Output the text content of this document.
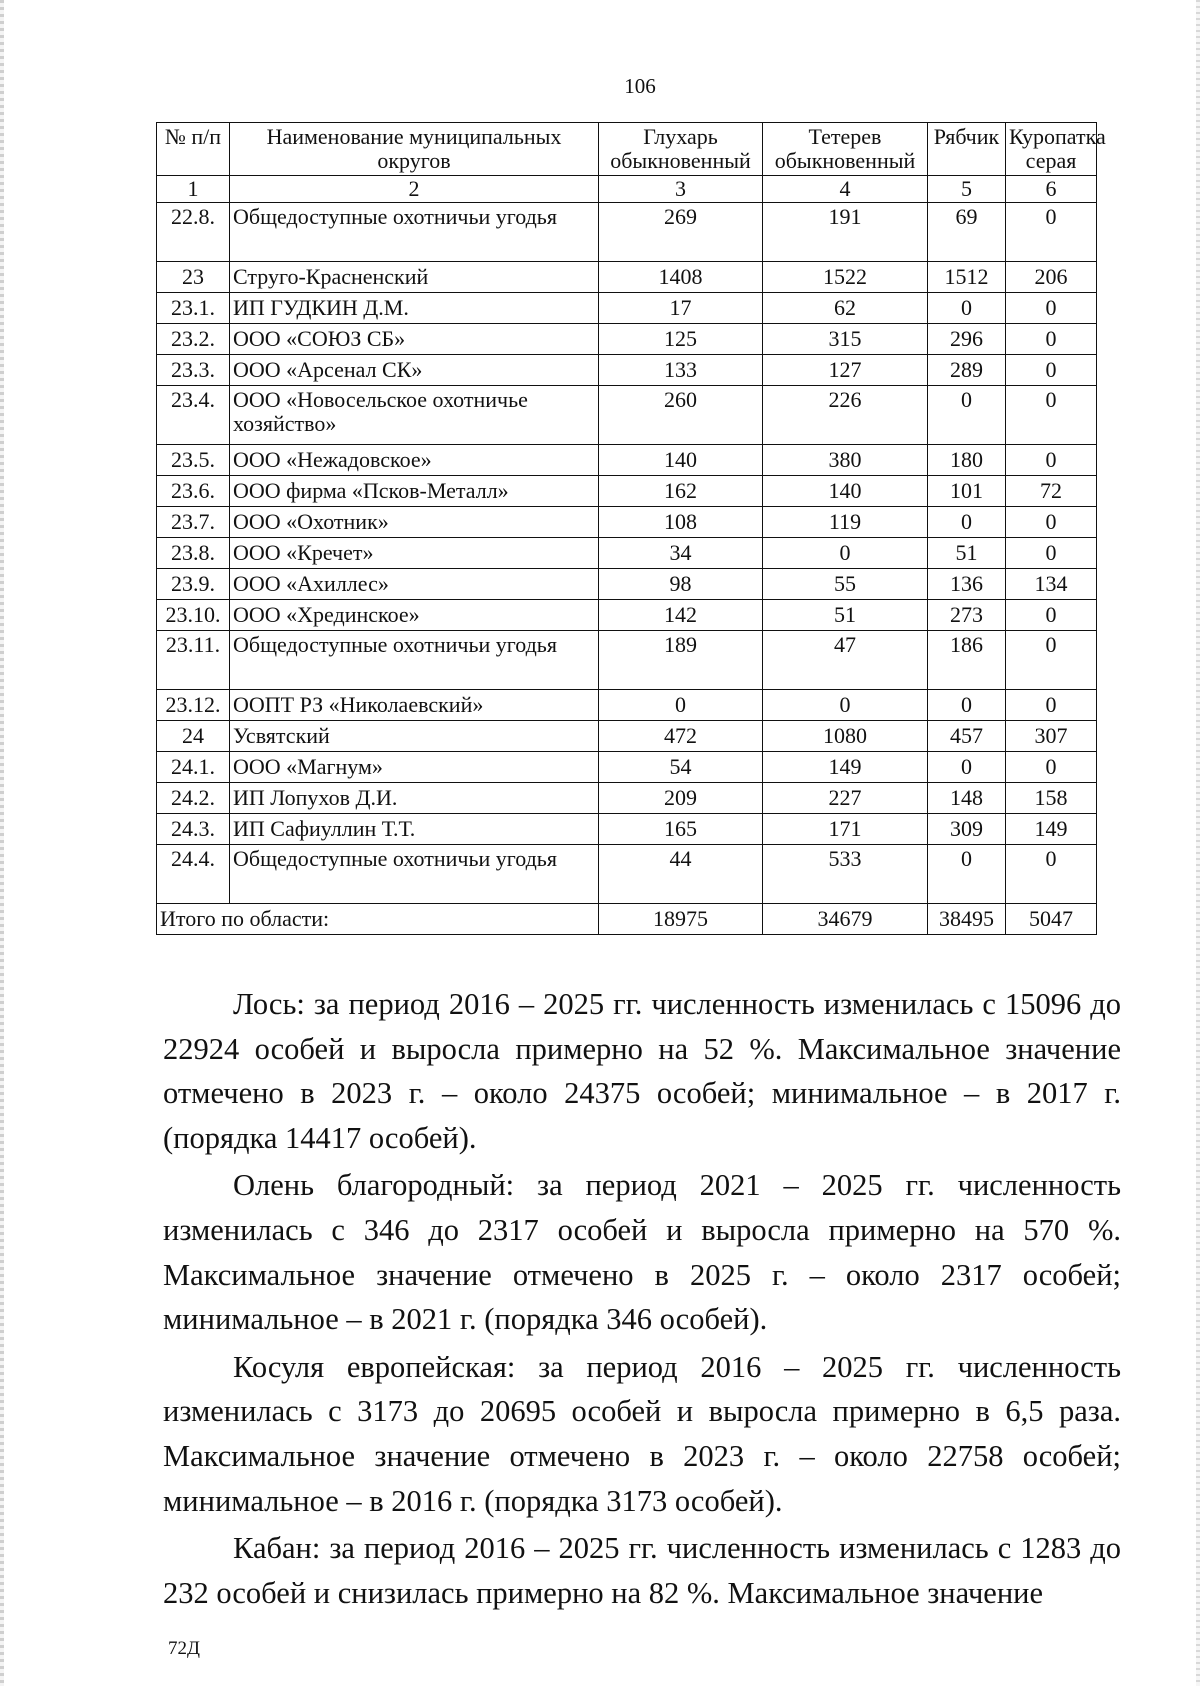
106
№ п/п	Наименование муниципальных округов	Глухарь обыкновенный	Тетерев обыкновенный	Рябчик	Куропатка серая
1	2	3	4	5	6
22.8.	Общедоступные охотничьи угодья	269	191	69	0
23	Струго-Красненский	1408	1522	1512	206
23.1.	ИП ГУДКИН Д.М.	17	62	0	0
23.2.	ООО «СОЮЗ СБ»	125	315	296	0
23.3.	ООО «Арсенал СК»	133	127	289	0
23.4.	ООО «Новосельское охотничье хозяйство»	260	226	0	0
23.5.	ООО «Нежадовское»	140	380	180	0
23.6.	ООО фирма «Псков-Металл»	162	140	101	72
23.7.	ООО «Охотник»	108	119	0	0
23.8.	ООО «Кречет»	34	0	51	0
23.9.	ООО «Ахиллес»	98	55	136	134
23.10.	ООО «Хрединское»	142	51	273	0
23.11.	Общедоступные охотничьи угодья	189	47	186	0
23.12.	ООПТ РЗ «Николаевский»	0	0	0	0
24	Усвятский	472	1080	457	307
24.1.	ООО «Магнум»	54	149	0	0
24.2.	ИП Лопухов Д.И.	209	227	148	158
24.3.	ИП Сафиуллин Т.Т.	165	171	309	149
24.4.	Общедоступные охотничьи угодья	44	533	0	0
Итого по области:		18975	34679	38495	5047

Лось: за период 2016 – 2025 гг. численность изменилась с 15096 до 22924 особей и выросла примерно на 52 %. Максимальное значение отмечено в 2023 г. – около 24375 особей; минимальное – в 2017 г. (порядка 14417 особей).

Олень благородный: за период 2021 – 2025 гг. численность изменилась с 346 до 2317 особей и выросла примерно на 570 %. Максимальное значение отмечено в 2025 г. – около 2317 особей; минимальное – в 2021 г. (порядка 346 особей).

Косуля европейская: за период 2016 – 2025 гг. численность изменилась с 3173 до 20695 особей и выросла примерно в 6,5 раза. Максимальное значение отмечено в 2023 г. – около 22758 особей; минимальное – в 2016 г. (порядка 3173 особей).

Кабан: за период 2016 – 2025 гг. численность изменилась с 1283 до 232 особей и снизилась примерно на 82 %. Максимальное значение

72Д
